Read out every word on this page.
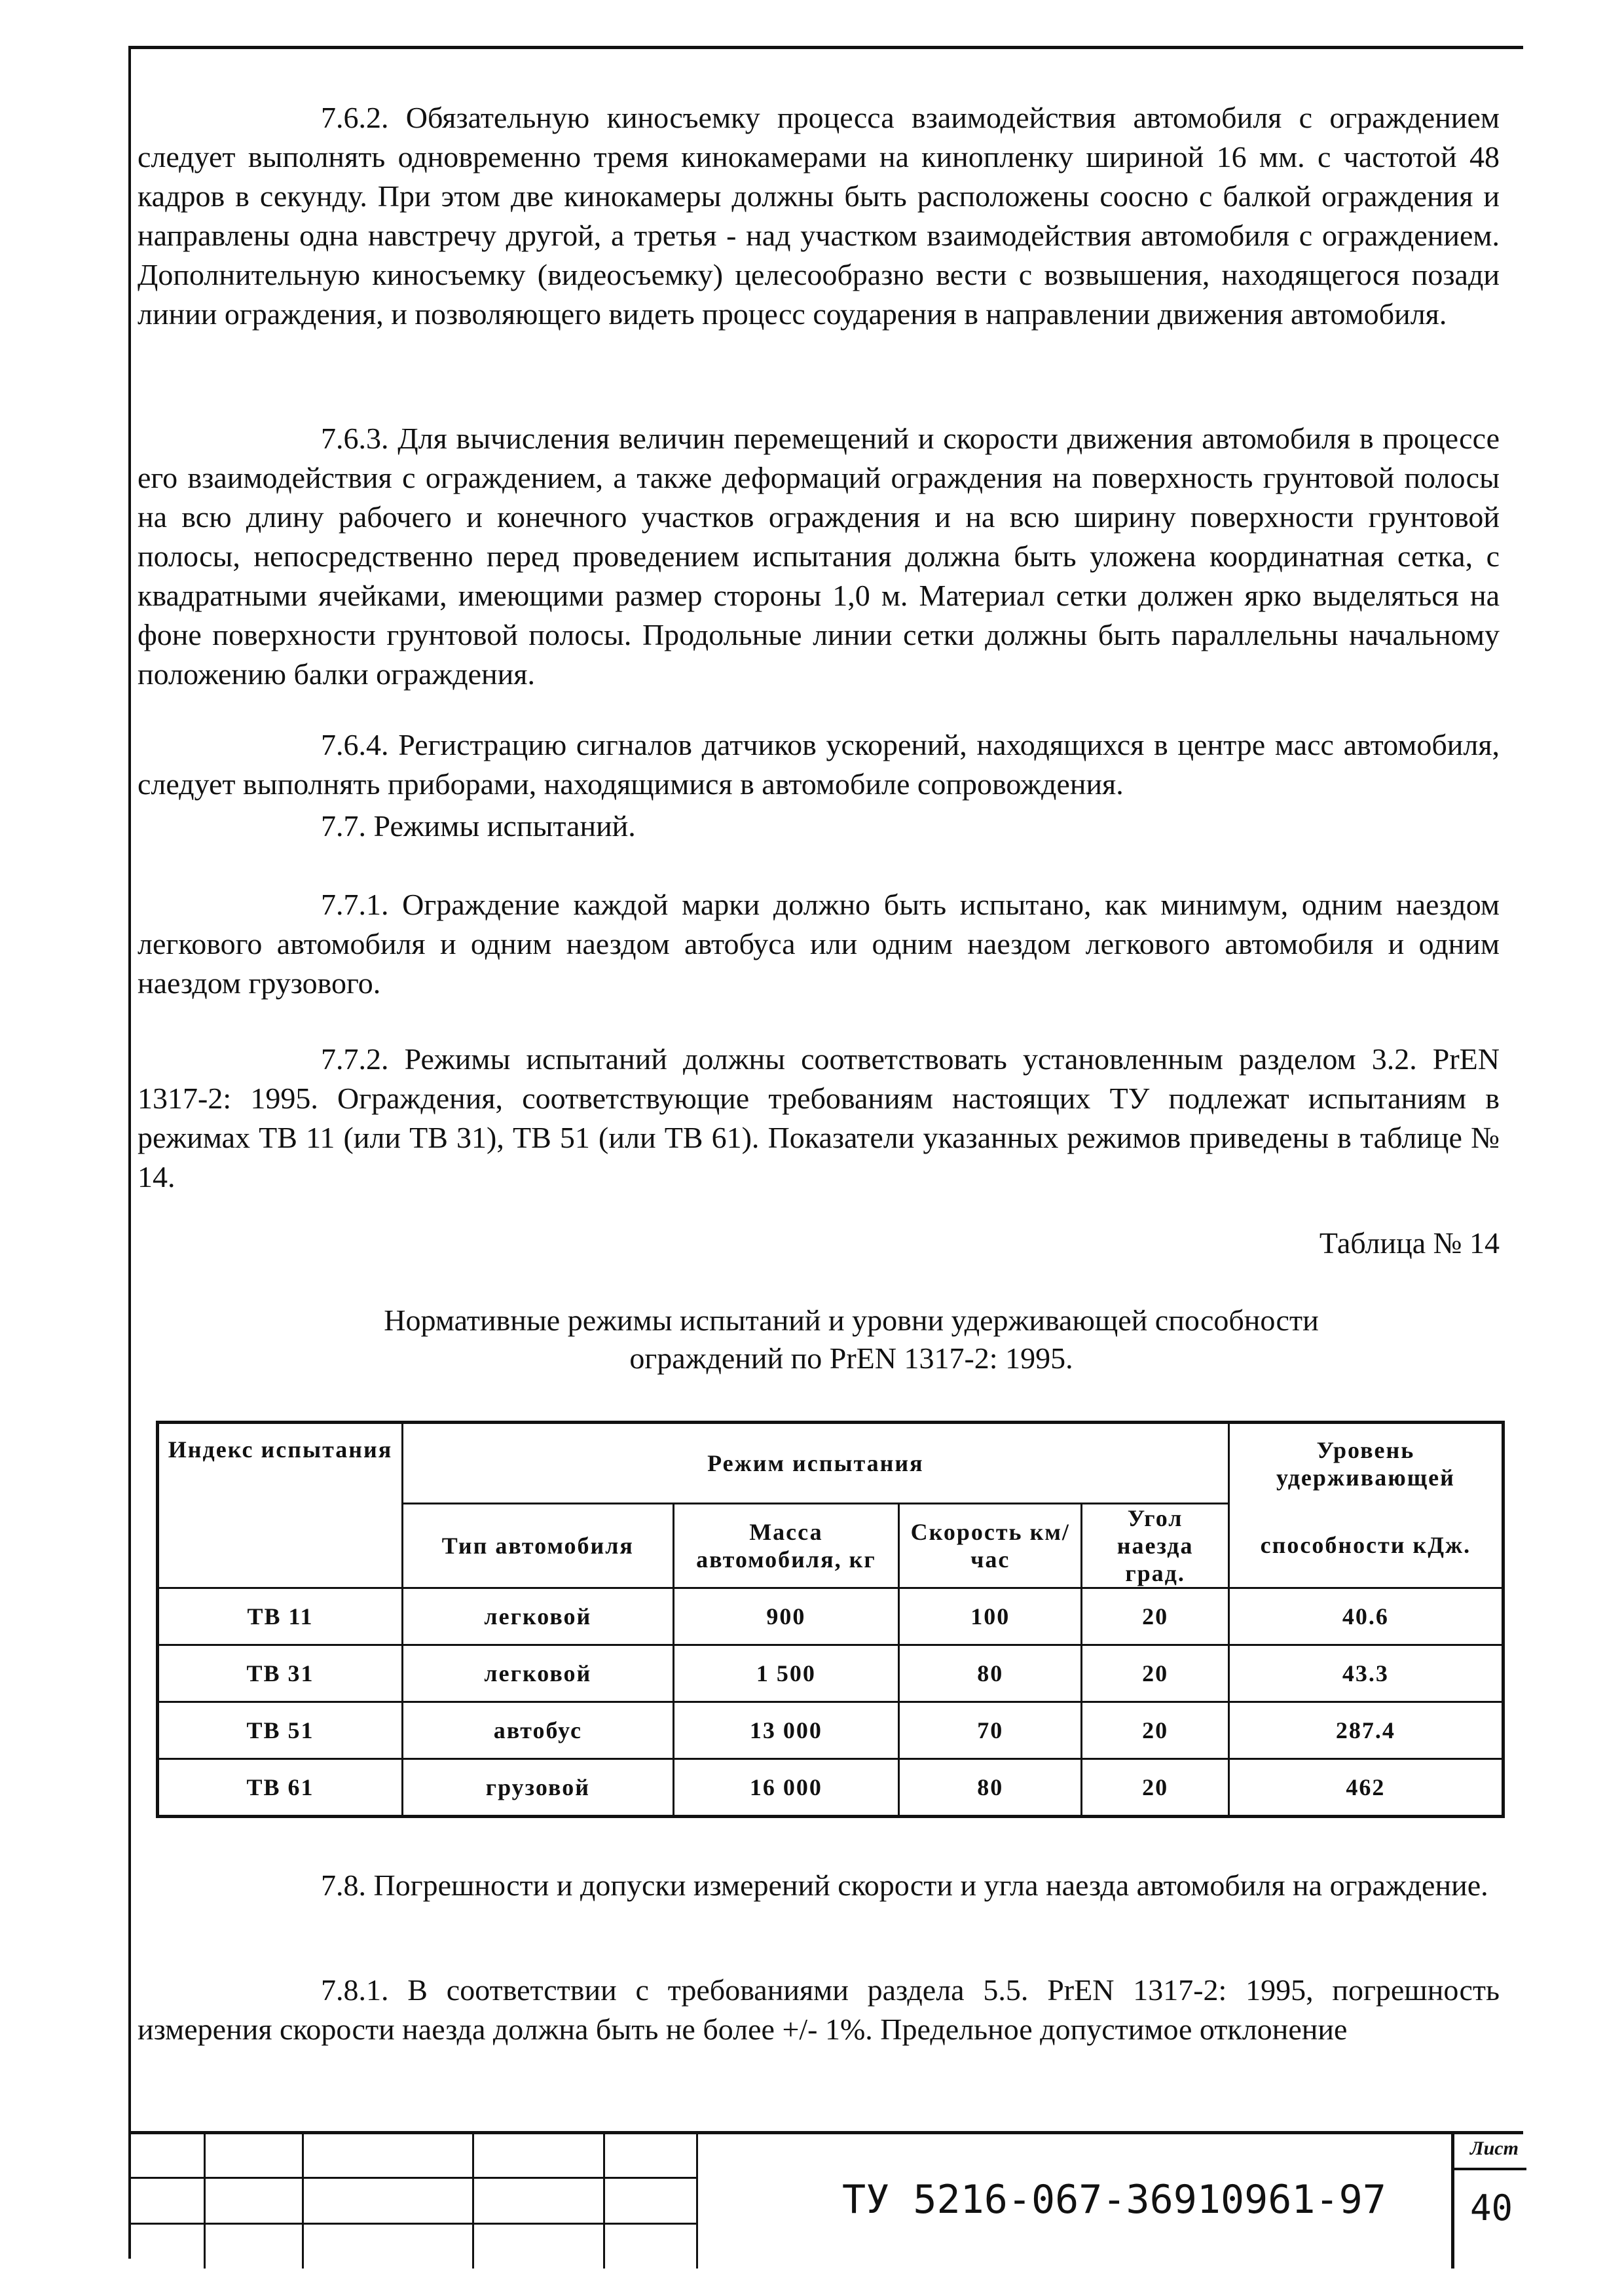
7.6.2. Обязательную киносъемку процесса взаимодействия автомобиля с ограждением следует выполнять одновременно тремя кинокамерами на кинопленку шириной 16 мм. с частотой 48 кадров в секунду. При этом две кинокамеры должны быть расположены соосно с балкой ограждения и направлены одна навстречу другой, а третья - над участком взаимодействия автомобиля с ограждением. Дополнительную киносъемку (видеосъемку) целесообразно вести с возвышения, находящегося позади линии ограждения, и позволяющего видеть процесс соударения в направлении движения автомобиля.

7.6.3. Для вычисления величин перемещений и скорости движения автомобиля в процессе его взаимодействия с ограждением, а также деформаций ограждения на поверхность грунтовой полосы на всю длину рабочего и конечного участков ограждения и на всю ширину поверхности грунтовой полосы, непосредственно перед проведением испытания должна быть уложена координатная сетка, с квадратными ячейками, имеющими размер стороны 1,0 м. Материал сетки должен ярко выделяться на фоне поверхности грунтовой полосы. Продольные линии сетки должны быть параллельны начальному положению балки ограждения.

7.6.4. Регистрацию сигналов датчиков ускорений, находящихся в центре масс автомобиля, следует выполнять приборами, находящимися в автомобиле сопровождения.

7.7. Режимы испытаний.

7.7.1. Ограждение каждой марки должно быть испытано, как минимум, одним наездом легкового автомобиля и одним наездом автобуса или одним наездом легкового автомобиля и одним наездом грузового.

7.7.2. Режимы испытаний должны соответствовать установленным разделом 3.2. PrEN 1317-2: 1995. Ограждения, соответствующие требованиям настоящих ТУ подлежат испытаниям в режимах ТВ 11 (или ТВ 31), ТВ 51 (или ТВ 61). Показатели указанных режимов приведены в таблице № 14.

Таблица № 14
Нормативные режимы испытаний и уровни удерживающей способности
ограждений по PrEN 1317-2: 1995.
Индекс испытания	Режим испытания				Уровень удерживающей
	Тип автомобиля	Масса автомобиля, кг	Скорость км/час	Угол наезда град.	способности кДж.
ТВ 11	легковой	900	100	20	40.6
ТВ 31	легковой	1 500	80	20	43.3
ТВ 51	автобус	13 000	70	20	287.4
ТВ 61	грузовой	16 000	80	20	462

7.8. Погрешности и допуски измерений скорости и угла наезда автомобиля на ограждение.

7.8.1. В соответствии с требованиями раздела 5.5. PrEN 1317-2: 1995, погрешность измерения скорости наезда должна быть не более +/- 1%. Предельное допустимое отклонение

ТУ 5216-067-36910961-97
Лист
40
